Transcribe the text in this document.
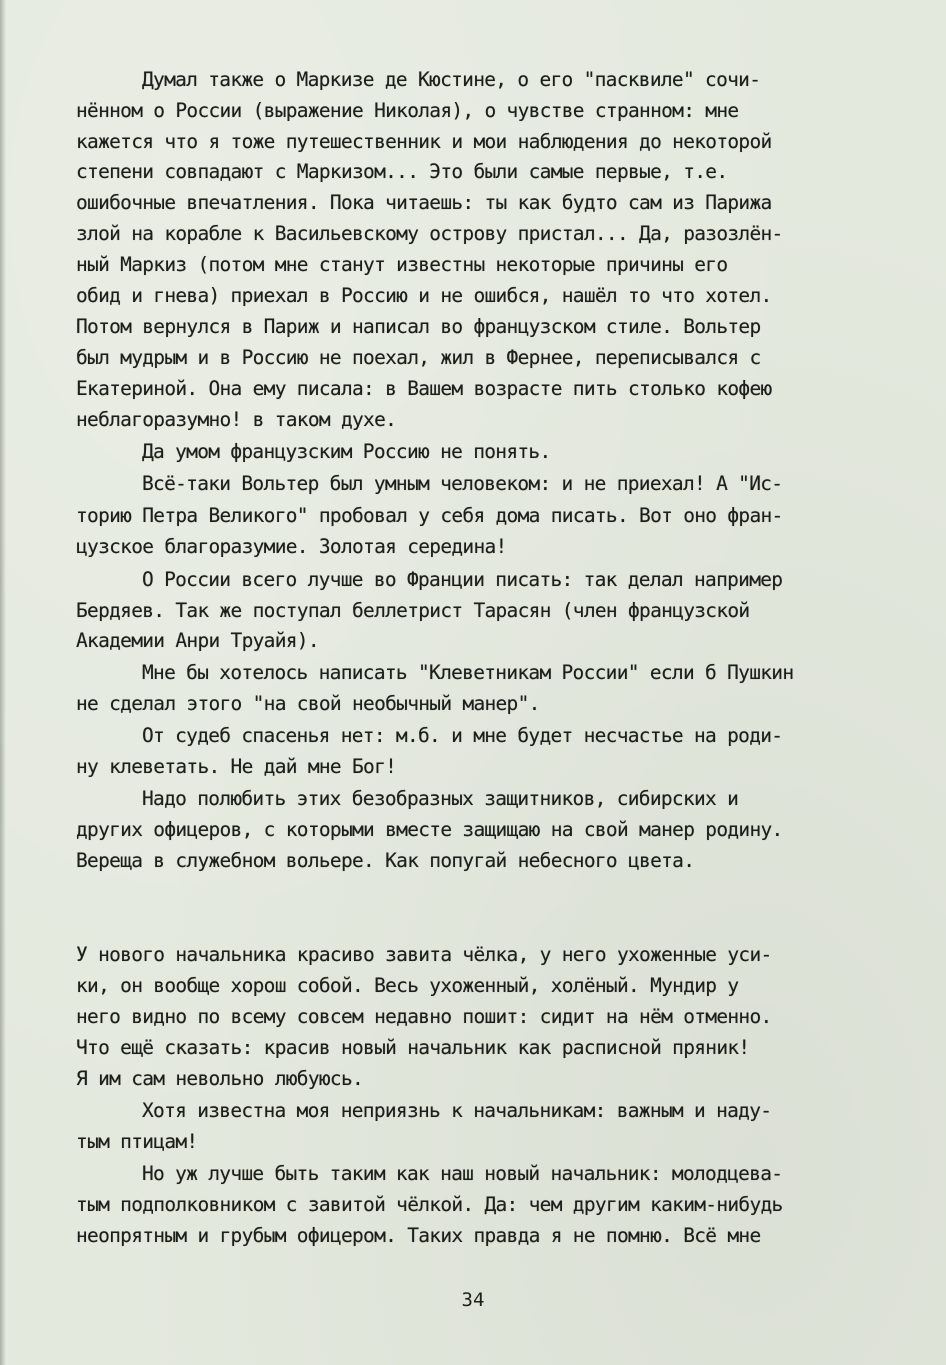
Думал также о Маркизе де Кюстине, о его "пасквиле" сочи-
нённом о России (выражение Николая), о чувстве странном: мне
кажется что я тоже путешественник и мои наблюдения до некоторой
степени совпадают с Маркизом... Это были самые первые, т.е.
ошибочные впечатления. Пока читаешь: ты как будто сам из Парижа
злой на корабле к Васильевскому острову пристал... Да, разозлён-
ный Маркиз (потом мне станут известны некоторые причины его
обид и гнева) приехал в Россию и не ошибся, нашёл то что хотел.
Потом вернулся в Париж и написал во французском стиле. Вольтер
был мудрым и в Россию не поехал, жил в Фернее, переписывался с
Екатериной. Она ему писала: в Вашем возрасте пить столько кофею
неблагоразумно! в таком духе.
Да умом французским Россию не понять.
Всё-таки Вольтер был умным человеком: и не приехал! А "Ис-
торию Петра Великого" пробовал у себя дома писать. Вот оно фран-
цузское благоразумие. Золотая середина!
О России всего лучше во Франции писать: так делал например
Бердяев. Так же поступал беллетрист Тарасян (член французской
Академии Анри Труайя).
Мне бы хотелось написать "Клеветникам России" если б Пушкин
не сделал этого "на свой необычный манер".
От судеб спасенья нет: м.б. и мне будет несчастье на роди-
ну клеветать. Не дай мне Бог!
Надо полюбить этих безобразных защитников, сибирских и
других офицеров, с которыми вместе защищаю на свой манер родину.
Вереща в служебном вольере. Как попугай небесного цвета.
У нового начальника красиво завита чёлка, у него ухоженные уси-
ки, он вообще хорош собой. Весь ухоженный, холёный. Мундир у
него видно по всему совсем недавно пошит: сидит на нём отменно.
Что ещё сказать: красив новый начальник как расписной пряник!
Я им сам невольно любуюсь.
Хотя известна моя неприязнь к начальникам: важным и наду-
тым птицам!
Но уж лучше быть таким как наш новый начальник: молодцева-
тым подполковником с завитой чёлкой. Да: чем другим каким-нибудь
неопрятным и грубым офицером. Таких правда я не помню. Всё мне
34
